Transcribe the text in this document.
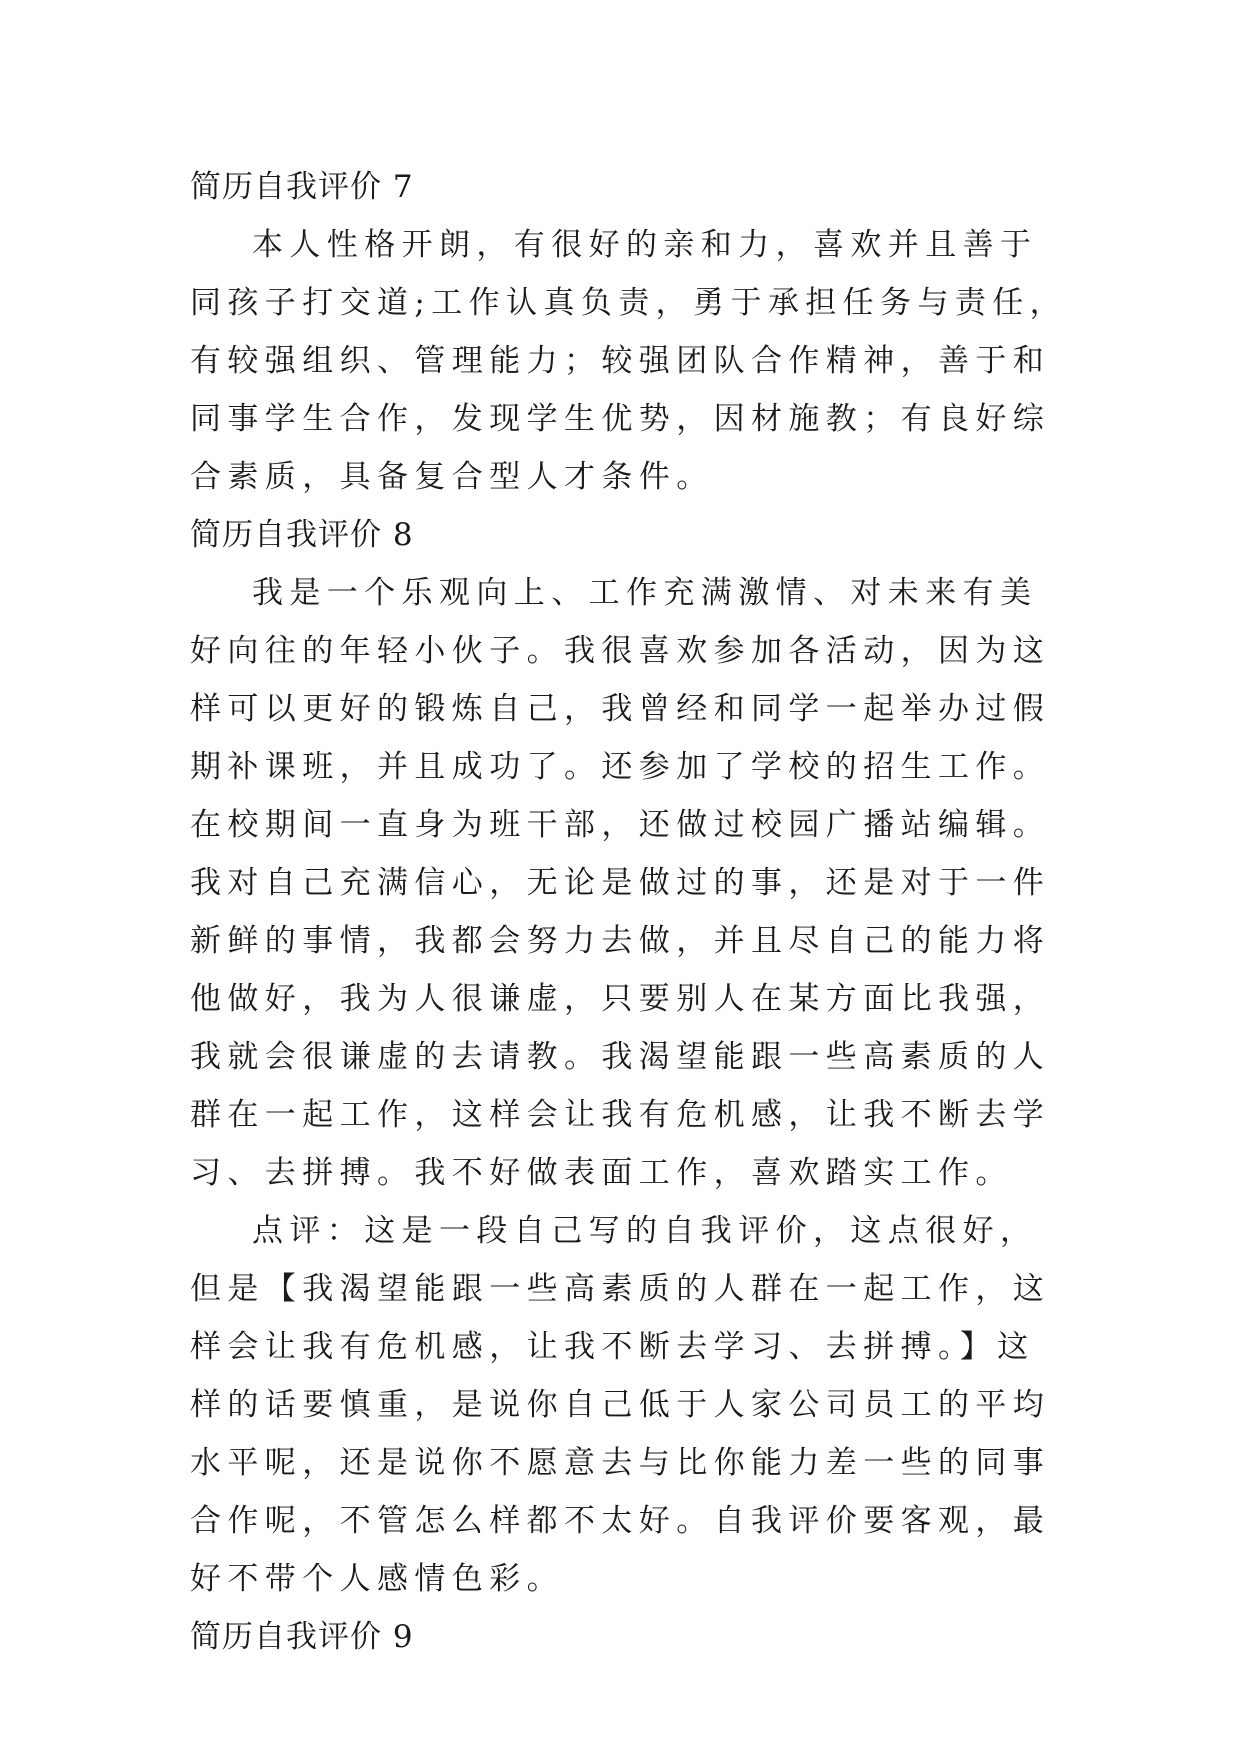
简历自我评价 7

本人性格开朗，有很好的亲和力，喜欢并且善于同孩子打交道;工作认真负责，勇于承担任务与责任，有较强组织、管理能力；较强团队合作精神，善于和同事学生合作，发现学生优势，因材施教；有良好综合素质，具备复合型人才条件。

简历自我评价 8

我是一个乐观向上、工作充满激情、对未来有美好向往的年轻小伙子。我很喜欢参加各活动，因为这样可以更好的锻炼自己，我曾经和同学一起举办过假期补课班，并且成功了。还参加了学校的招生工作。在校期间一直身为班干部，还做过校园广播站编辑。我对自己充满信心，无论是做过的事，还是对于一件新鲜的事情，我都会努力去做，并且尽自己的能力将他做好，我为人很谦虚，只要别人在某方面比我强，我就会很谦虚的去请教。我渴望能跟一些高素质的人群在一起工作，这样会让我有危机感，让我不断去学习、去拼搏。我不好做表面工作，喜欢踏实工作。

点评：这是一段自己写的自我评价，这点很好，但是【我渴望能跟一些高素质的人群在一起工作，这样会让我有危机感，让我不断去学习、去拼搏。】这样的话要慎重，是说你自己低于人家公司员工的平均水平呢，还是说你不愿意去与比你能力差一些的同事合作呢，不管怎么样都不太好。自我评价要客观，最好不带个人感情色彩。

简历自我评价 9
